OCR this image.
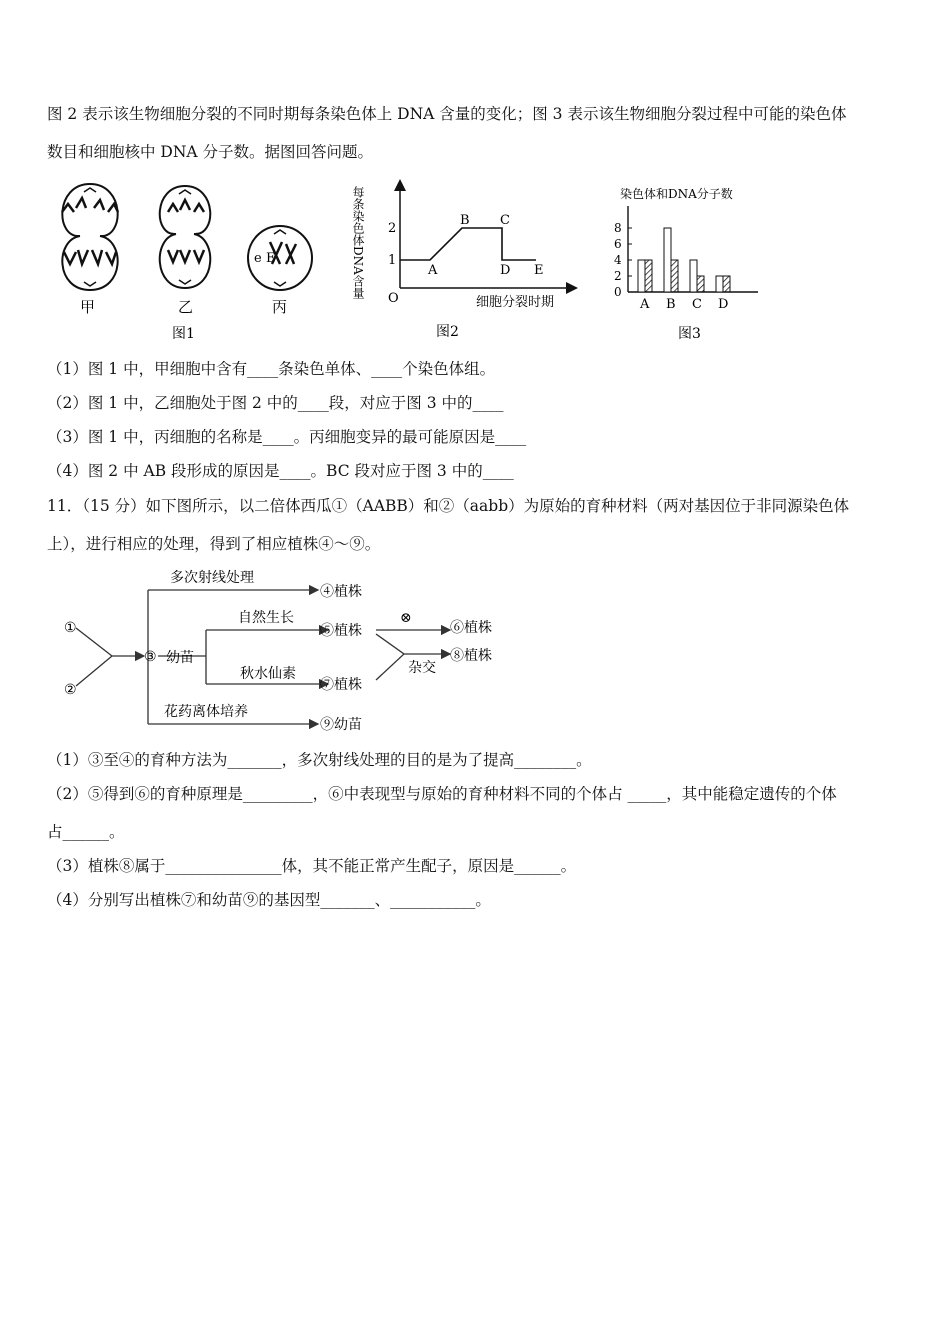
图 2 表示该生物细胞分裂的不同时期每条染色体上 DNA 含量的变化；图 3 表示该生物细胞分裂过程中可能的染色体
数目和细胞核中 DNA 分子数。据图回答问题。
甲	乙
e E
丙
图1
每条染色体DNA含量 O
1
2
A
B C
D E
细胞分裂时期
图2
染色体和DNA分子数
0
2
4
6
8
A B C D
图3
（1）图 1 中，甲细胞中含有____条染色单体、____个染色体组。
（2）图 1 中，乙细胞处于图 2 中的____段，对应于图 3 中的____
（3）图 1 中，丙细胞的名称是____。丙细胞变异的最可能原因是____
（4）图 2 中 AB 段形成的原因是____。BC 段对应于图 3 中的____
11．（15 分）如下图所示，以二倍体西瓜①（AABB）和②（aabb）为原始的育种材料（两对基因位于非同源染色体
上），进行相应的处理，得到了相应植株④～⑨。
①
②
③ 幼苗
多次射线处理
④植株
自然生长
⑤植株
⊗
⑥植株
秋水仙素
⑦植株
杂交
⑧植株
花药离体培养
⑨幼苗
（1）③至④的育种方法为_______，多次射线处理的目的是为了提高________。
（2）⑤得到⑥的育种原理是_________，⑥中表现型与原始的育种材料不同的个体占 _____，其中能稳定遗传的个体
占______。
（3）植株⑧属于_______________体，其不能正常产生配子，原因是______。
（4）分别写出植株⑦和幼苗⑨的基因型_______、___________。
